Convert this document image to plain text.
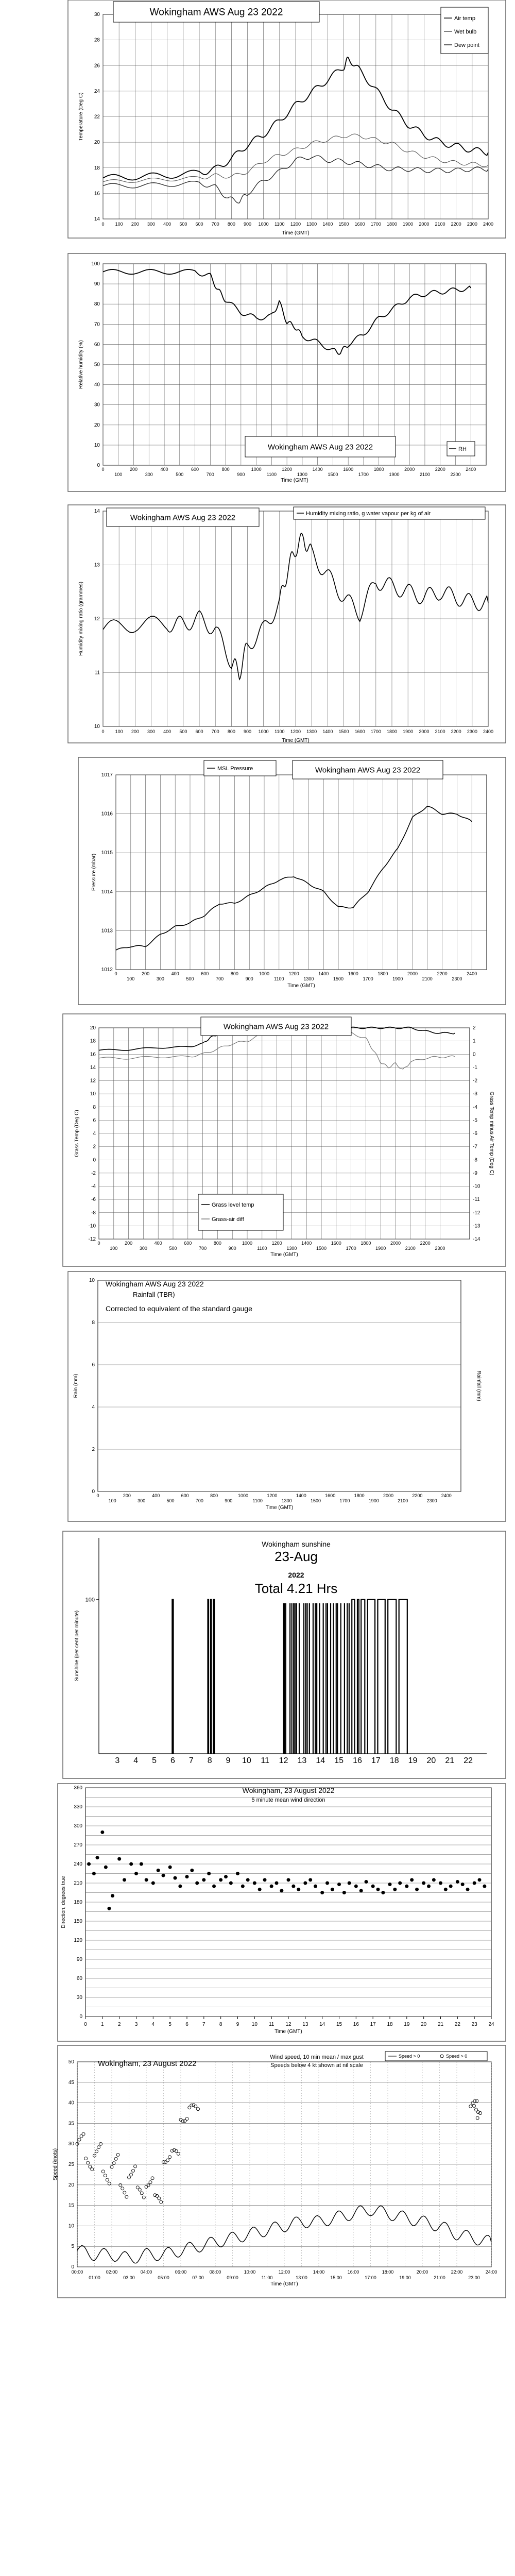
14
16
18
20
22
24
26
28
30
0 100 200 300 400 500 600 700 800 900 1000 1100 1200 1300 1400 1500 1600 1700 1800 1900 2000 2100 2200 2300 2400
Time (GMT)
Temperature (Deg C)
Wokingham AWS Aug 23 2022
Air temp
Wet bulb
Dew point
0
10
20
30
40
50
60
70
80
90
100
0	200	400	600	800	1000	1200	1400	1600	1800	2000	2200	2400
100	300	500	700	900	1100	1300	1500	1700	1900	2100	2300
Time (GMT)
Relative humidity (%)
Wokingham AWS Aug 23 2022	RH
10
11
12
13
14
0 100 200 300 400 500 600 700 800 900 1000 1100 1200 1300 1400 1500 1600 1700 1800 1900 2000 2100 2200 2300 2400
Time (GMT)
Humidity mixing ratio (grammes)
Wokingham AWS Aug 23 2022	Humidity mixing ratio, g water vapour per kg of air
1012
1013
1014
1015
1016
1017
0	200	400	600	800	1000	1200	1400	1600	1800	2000	2200	2400
100	300	500	700	900	1100	1300	1500	1700	1900	2100	2300
Time (GMT)
Pressure (mbar)
MSL Pressure	Wokingham AWS Aug 23 2022
-12
-10
-8
-6
-4
-2
0
2
4
6
8
10
12
14
16
18
20
-14
-13
-12
-11
-10
-9
-8
-7
-6
-5
-4
-3
-2
-1
0
1
2
0	200	400	600	800	1000	1200	1400	1600	1800	2000	2200
100	300	500	700	900	1100	1300	1500	1700	1900	2100	2300
Time (GMT)
Grass Temp (Deg C)	Grass Temp minus Air Temp (Deg C)
Wokingham AWS Aug 23 2022
Grass level temp
Grass-air diff
0
2
4
6
8
10
0	200	400	600	800	1000	1200	1400	1600	1800	2000	2200	2400
100	300	500	700	900	1100	1300	1500	1700	1900	2100	2300
Time (GMT)
Rain (mm)	Rainfall (mm)
Wokingham AWS Aug 23 2022
Rainfall (TBR)
Corrected to equivalent of the standard gauge
100
3 4 5 6 7 8 9 10 11 12 13 14 15 16 17 18 19 20 21 22
Sunshine (per cent per minute)
Wokingham sunshine
23-Aug
2022
Total 4.21 Hrs
0
30
60
90
120
150
180
210
240
270
300
330
360
0	1	2	3	4	5	6	7	8	9 10 11 12 13 14 15 16 17 18 19 20 21 22 23 24
Time (GMT)
Direction, degrees true
Wokingham, 23 August 2022
5 minute mean wind direction
0
5
10
15
20
25
30
35
40
45
50
00:00
01:00
02:00
03:00
04:00
05:00
06:00
07:00
08:00
09:00
10:00
11:00
12:00
13:00
14:00
15:00
16:00
17:00
18:00
19:00
20:00
21:00
22:00
23:00
24:00
Time (GMT)
Speed (knots)
Wokingham, 23 August 2022
Wind speed, 10 min mean / max gust
Speeds below 4 kt shown at nil scale
Speed > 0	Speed > 0
